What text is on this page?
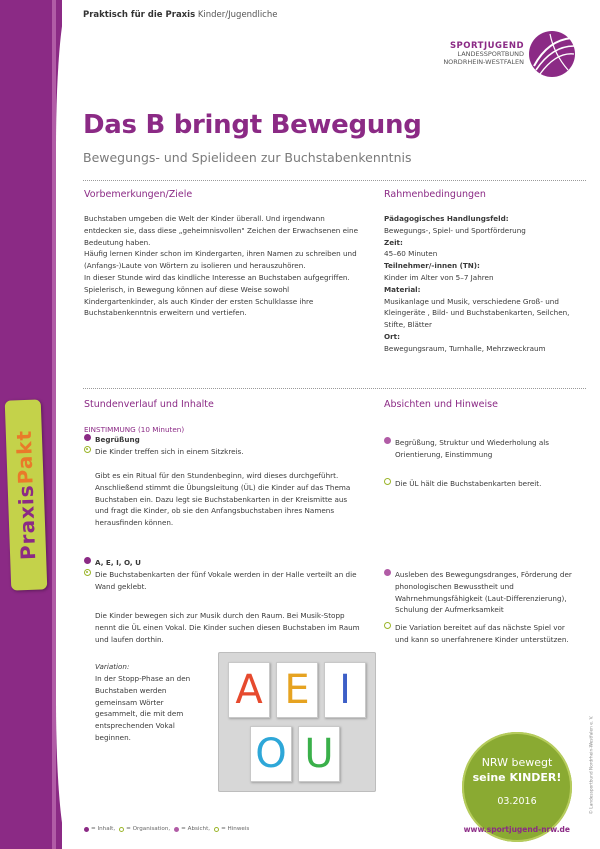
PraxisPakt
Praktisch für die Praxis Kinder/Jugendliche
SPORTJUGEND
LANDESSPORTBUND
NORDRHEIN-WESTFALEN
Das B bringt Bewegung
Bewegungs- und Spielideen zur Buchstabenkenntnis
Vorbemerkungen/Ziele

Buchstaben umgeben die Welt der Kinder überall. Und irgendwann entdecken sie, dass diese „geheimnisvollen" Zeichen der Erwachsenen eine Bedeutung haben.

Häufig lernen Kinder schon im Kindergarten, ihren Namen zu schreiben und (Anfangs-)Laute von Wörtern zu isolieren und herauszuhören.

In dieser Stunde wird das kindliche Interesse an Buchstaben aufgegriffen. Spielerisch, in Bewegung können auf diese Weise sowohl Kindergartenkinder, als auch Kinder der ersten Schulklasse ihre Buchstabenkenntnis erweitern und vertiefen.

Rahmenbedingungen

Pädagogisches Handlungsfeld:

Bewegungs-, Spiel- und Sportförderung

Zeit:

45–60 Minuten

Teilnehmer/-innen (TN):

Kinder im Alter von 5–7 Jahren

Material:

Musikanlage und Musik, verschiedene Groß- und Kleingeräte , Bild- und Buchstabenkarten, Seilchen, Stifte, Blätter

Ort:

Bewegungsraum, Turnhalle, Mehrzweckraum

Stundenverlauf und Inhalte
EINSTIMMUNG (10 Minuten)
Begrüßung
Die Kinder treffen sich in einem Sitzkreis.
Gibt es ein Ritual für den Stundenbeginn, wird dieses durchgeführt. Anschließend stimmt die Übungsleitung (ÜL) die Kinder auf das Thema Buchstaben ein. Dazu legt sie Buchstabenkarten in der Kreismitte aus und fragt die Kinder, ob sie den Anfangsbuchstaben ihres Namens herausfinden können.
A, E, I, O, U
Die Buchstabenkarten der fünf Vokale werden in der Halle verteilt an die Wand geklebt.
Die Kinder bewegen sich zur Musik durch den Raum. Bei Musik-Stopp nennt die ÜL einen Vokal. Die Kinder suchen diesen Buchstaben im Raum und laufen dorthin.
Variation:
In der Stopp-Phase an den Buchstaben werden gemeinsam Wörter gesammelt, die mit dem entsprechenden Vokal beginnen.
A E I
O U
Absichten und Hinweise
Begrüßung, Struktur und Wiederholung als Orientierung, Einstimmung
Die ÜL hält die Buchstabenkarten bereit.
Ausleben des Bewegungsdranges, Förderung der phonologischen Bewusstheit und Wahrnehmungsfähigkeit (Laut-Differenzierung), Schulung der Aufmerksamkeit
Die Variation bereitet auf das nächste Spiel vor und kann so unerfahrenere Kinder unterstützen.
NRW bewegt
seine KINDER!
03.2016	© Landessportbund Nordrhein-Westfalen e. V.
= Inhalt, = Organisation, = Absicht, = Hinweis	www.sportjugend-nrw.de
